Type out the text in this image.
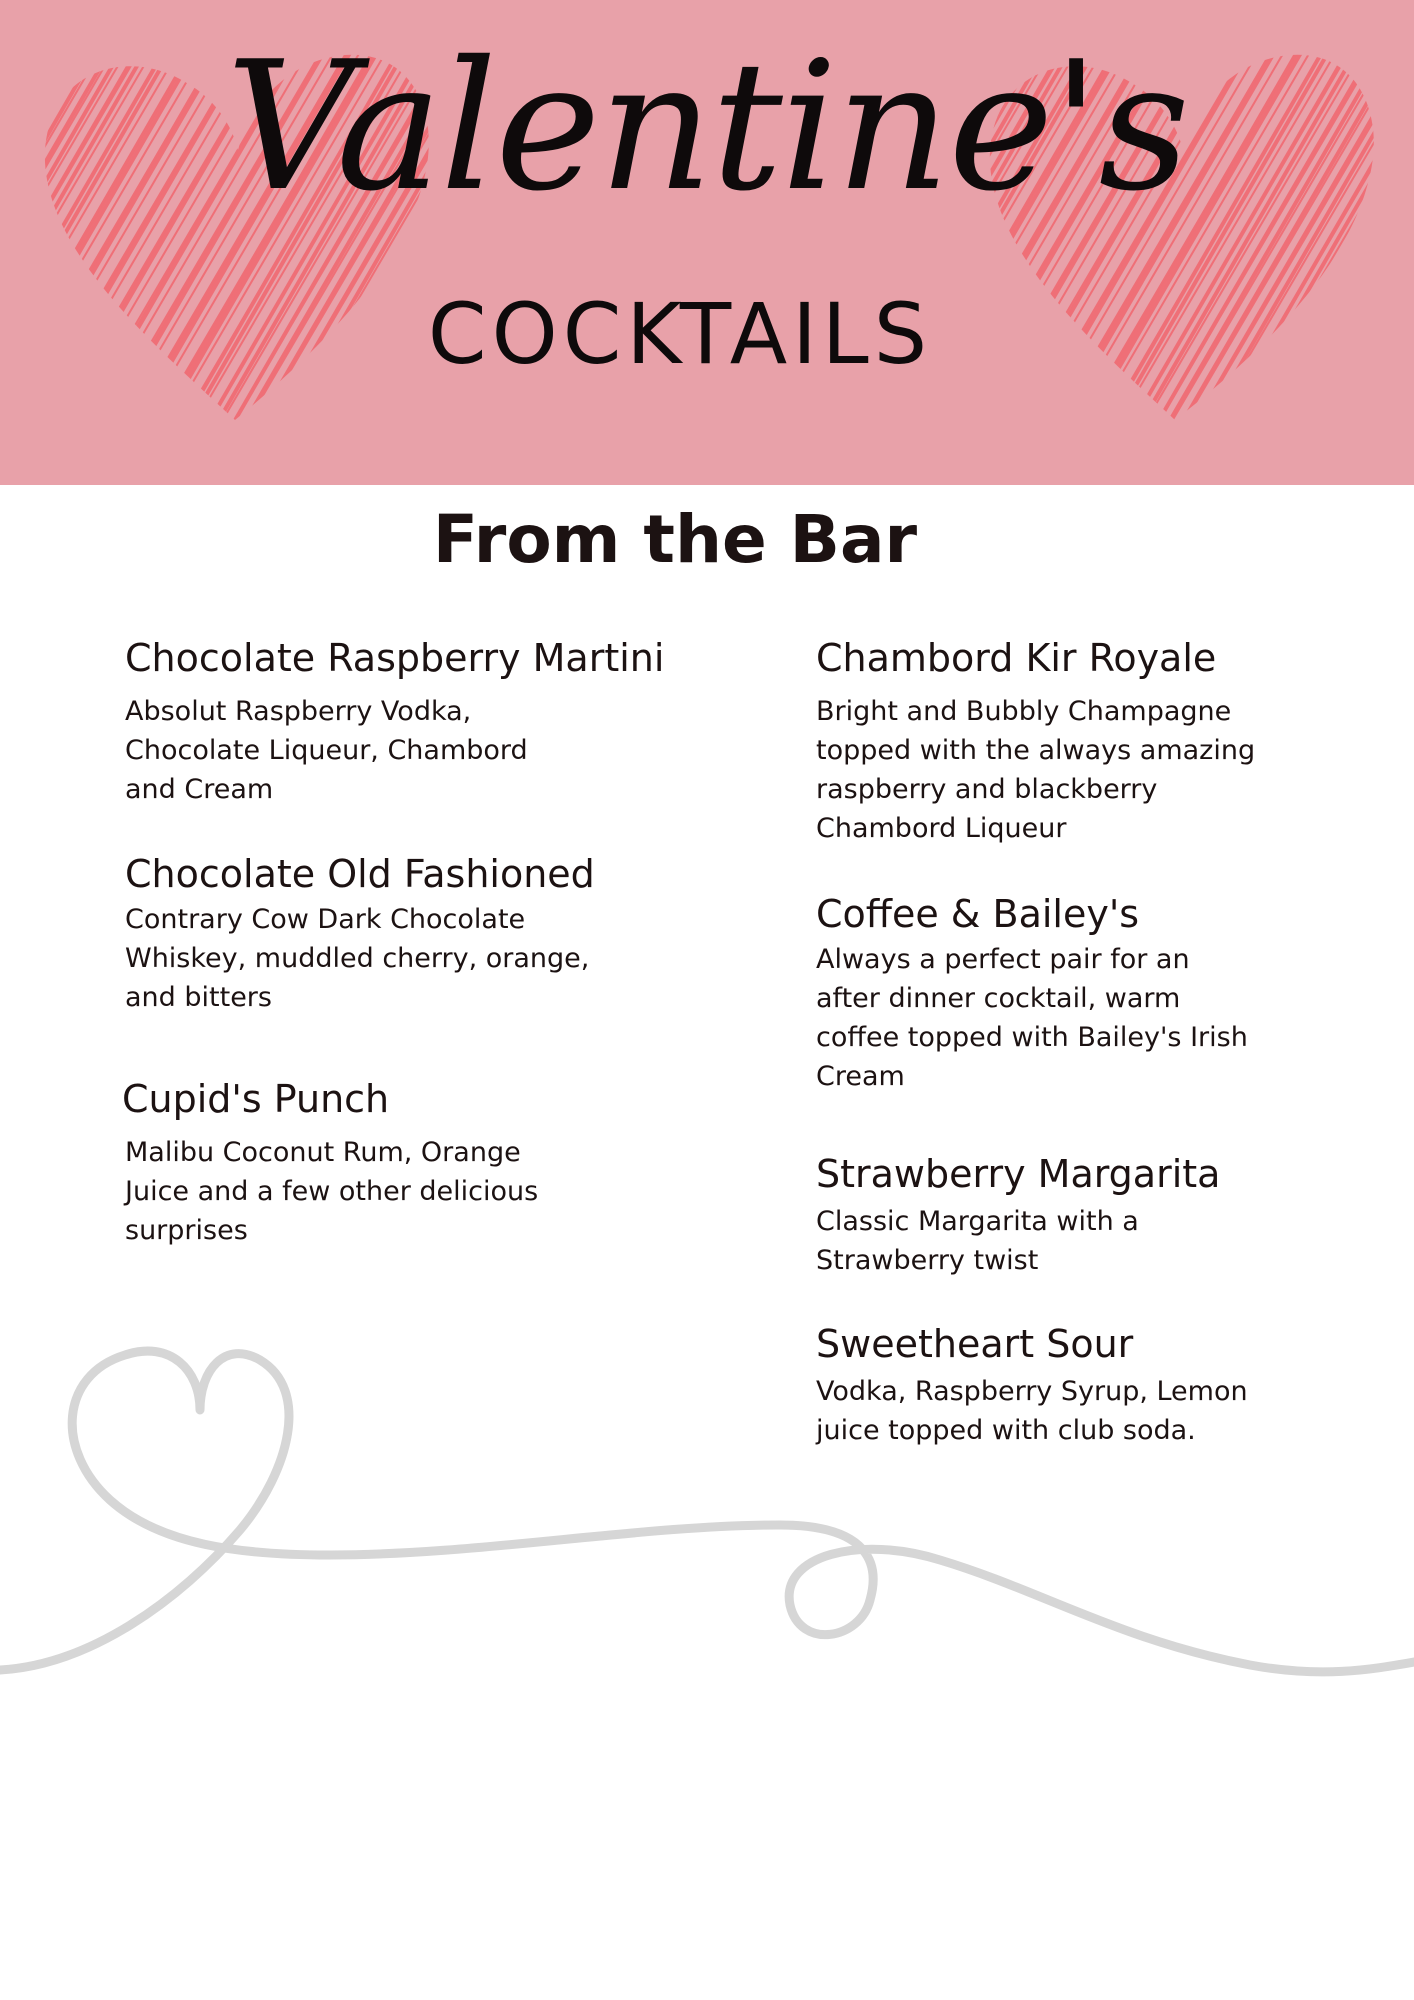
Valentine's
COCKTAILS
From the Bar
Chocolate Raspberry Martini
Absolut Raspberry Vodka,
Chocolate Liqueur, Chambord
and Cream
Chocolate Old Fashioned
Contrary Cow Dark Chocolate
Whiskey, muddled cherry, orange,
and bitters
Cupid's Punch
Malibu Coconut Rum, Orange
Juice and a few other delicious
surprises
Chambord Kir Royale
Bright and Bubbly Champagne
topped with the always amazing
raspberry and blackberry
Chambord Liqueur
Coffee & Bailey's
Always a perfect pair for an
after dinner cocktail, warm
coffee topped with Bailey's Irish
Cream
Strawberry Margarita
Classic Margarita with a
Strawberry twist
Sweetheart Sour
Vodka, Raspberry Syrup, Lemon
juice topped with club soda.
